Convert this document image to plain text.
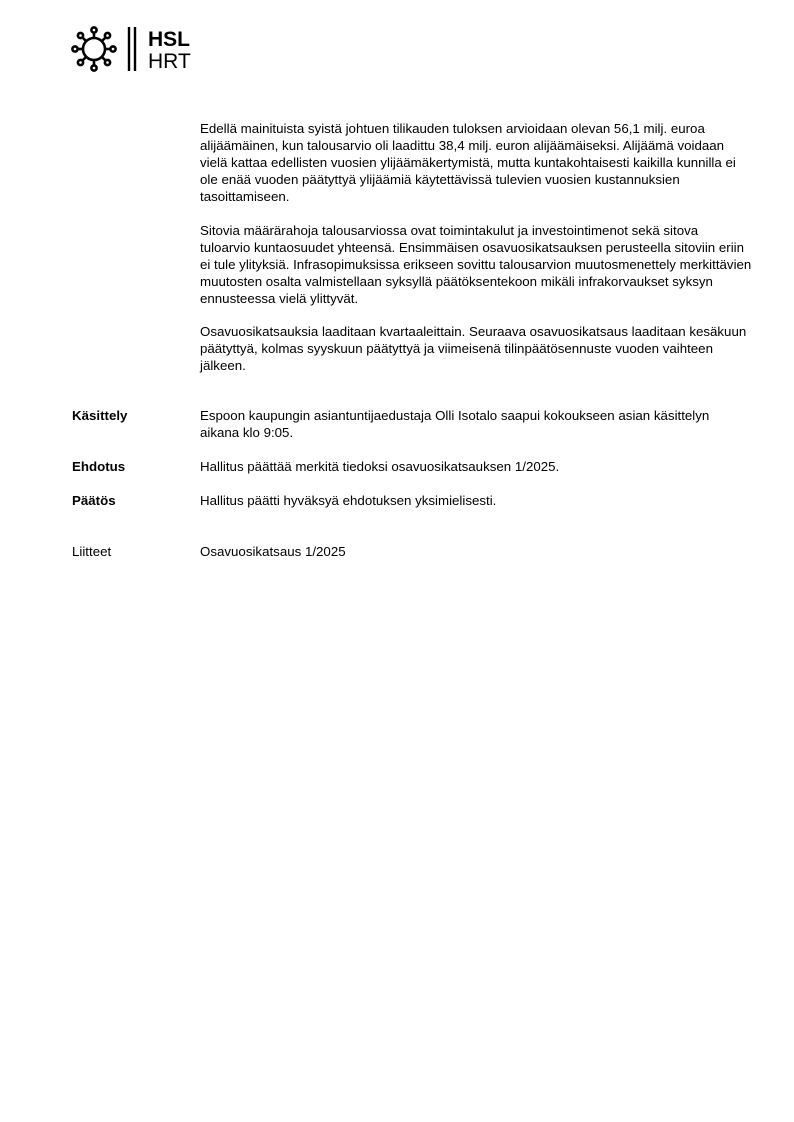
HSL
HRT

Edellä mainituista syistä johtuen tilikauden tuloksen arvioidaan olevan 56,1 milj. euroa alijäämäinen, kun talousarvio oli laadittu 38,4 milj. euron alijäämäiseksi. Alijäämä voidaan vielä kattaa edellisten vuosien ylijäämäkertymistä, mutta kuntakohtaisesti kaikilla kunnilla ei ole enää vuoden päätyttyä ylijäämiä käytettävissä tulevien vuosien kustannuksien tasoittamiseen.

Sitovia määrärahoja talousarviossa ovat toimintakulut ja investointimenot sekä sitova tuloarvio kuntaosuudet yhteensä. Ensimmäisen osavuosikatsauksen perusteella sitoviin eriin ei tule ylityksiä. Infrasopimuksissa erikseen sovittu talousarvion muutosmenettely merkittävien muutosten osalta valmistellaan syksyllä päätöksentekoon mikäli infrakorvaukset syksyn ennusteessa vielä ylittyvät.

Osavuosikatsauksia laaditaan kvartaaleittain. Seuraava osavuosikatsaus laaditaan kesäkuun päätyttyä, kolmas syyskuun päätyttyä ja viimeisenä tilinpäätösennuste vuoden vaihteen jälkeen.

Käsittely	Espoon kaupungin asiantuntijaedustaja Olli Isotalo saapui kokoukseen asian käsittelyn aikana klo 9:05.
Ehdotus	Hallitus päättää merkitä tiedoksi osavuosikatsauksen 1/2025.
Päätös	Hallitus päätti hyväksyä ehdotuksen yksimielisesti.
Liitteet	Osavuosikatsaus 1/2025
